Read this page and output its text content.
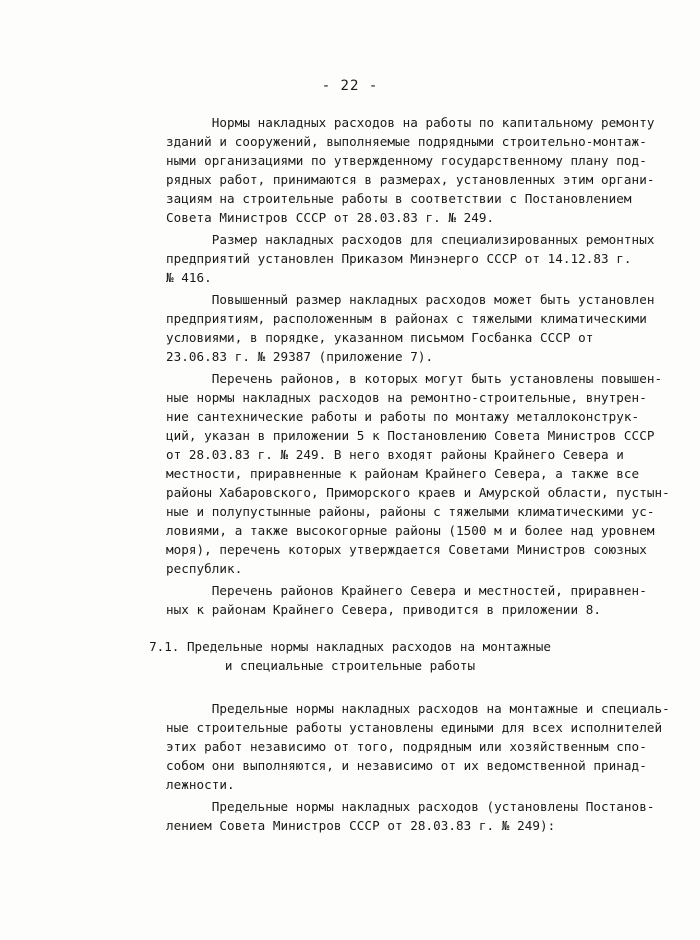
- 22 -
Нормы накладных расходов на работы по капитальному ремонту
зданий и сооружений, выполняемые подрядными строительно-монтаж-
ными организациями по утвержденному государственному плану под-
рядных работ, принимаются в размерах, установленных этим органи-
зациям на строительные работы в соответствии с Постановлением
Совета Министров СССР от 28.03.83 г. № 249.
Размер накладных расходов для специализированных ремонтных
предприятий установлен Приказом Минэнерго СССР от 14.12.83 г.
№ 416.
Повышенный размер накладных расходов может быть установлен
предприятиям, расположенным в районах с тяжелыми климатическими
условиями, в порядке, указанном письмом Госбанка СССР от
23.06.83 г. № 29387 (приложение 7).
Перечень районов, в которых могут быть установлены повышен-
ные нормы накладных расходов на ремонтно-строительные, внутрен-
ние сантехнические работы и работы по монтажу металлоконструк-
ций, указан в приложении 5 к Постановлению Совета Министров СССР
от 28.03.83 г. № 249. В него входят районы Крайнего Севера и
местности, приравненные к районам Крайнего Севера, а также все
районы Хабаровского, Приморского краев и Амурской области, пустын-
ные и полупустынные районы, районы с тяжелыми климатическими ус-
ловиями, а также высокогорные районы (1500 м и более над уровнем
моря), перечень которых утверждается Советами Министров союзных
республик.
Перечень районов Крайнего Севера и местностей, приравнен-
ных к районам Крайнего Севера, приводится в приложении 8.
7.1. Предельные нормы накладных расходов на монтажные
и специальные строительные работы
Предельные нормы накладных расходов на монтажные и специаль-
ные строительные работы установлены едиными для всех исполнителей
этих работ независимо от того, подрядным или хозяйственным спо-
собом они выполняются, и независимо от их ведомственной принад-
лежности.
Предельные нормы накладных расходов (установлены Постанов-
лением Совета Министров СССР от 28.03.83 г. № 249):
